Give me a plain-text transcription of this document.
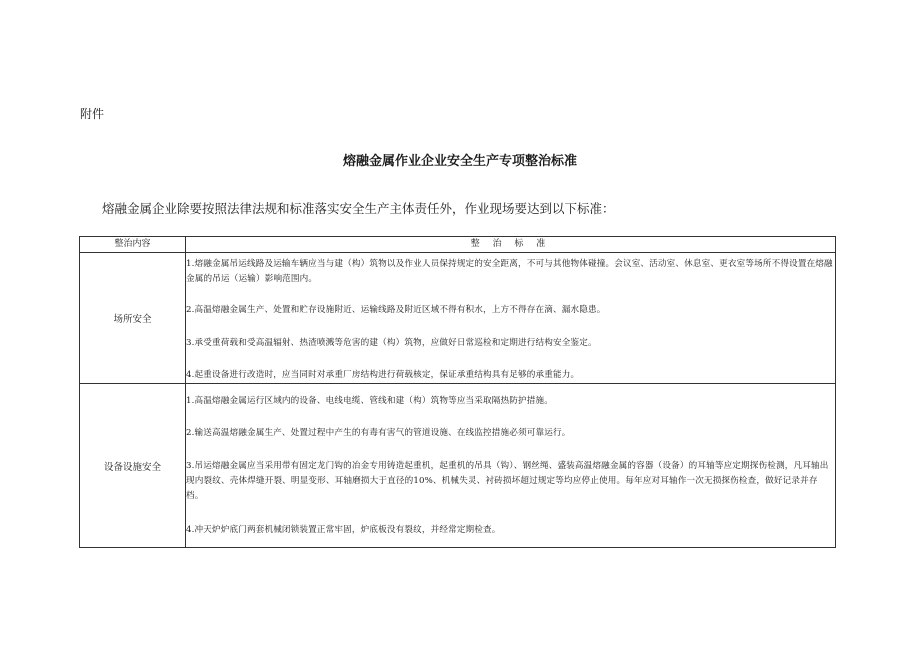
附件
熔融金属作业企业安全生产专项整治标准
熔融金属企业除要按照法律法规和标准落实安全生产主体责任外，作业现场要达到以下标准：
整治内容	整 治 标 准
场所安全	1.熔融金属吊运线路及运输车辆应当与建（构）筑物以及作业人员保持规定的安全距离，不可与其他物体碰撞。会议室、活动室、休息室、更衣室等场所不得设置在熔融金属的吊运（运输）影响范围内。
2.高温熔融金属生产、处置和贮存设施附近、运输线路及附近区域不得有积水，上方不得存在滴、漏水隐患。
3.承受重荷载和受高温辐射、热渣喷溅等危害的建（构）筑物，应做好日常巡检和定期进行结构安全鉴定。
4.起重设备进行改造时，应当同时对承重厂房结构进行荷载核定，保证承重结构具有足够的承重能力。

设备设施安全	1.高温熔融金属运行区域内的设备、电线电缆、管线和建（构）筑物等应当采取隔热防护措施。
2.输送高温熔融金属生产、处置过程中产生的有毒有害气的管道设施、在线监控措施必须可靠运行。
3.吊运熔融金属应当采用带有固定龙门钩的冶金专用铸造起重机，起重机的吊具（钩）、钢丝绳、盛装高温熔融金属的容器（设备）的耳轴等应定期探伤检测，凡耳轴出现内裂纹、壳体焊缝开裂、明显变形、耳轴磨损大于直径的10%、机械失灵、衬砖损坏超过规定等均应停止使用。每年应对耳轴作一次无损探伤检查，做好记录并存档。
4.冲天炉炉底门两套机械闭锁装置正常牢固，炉底板没有裂纹，并经常定期检查。
